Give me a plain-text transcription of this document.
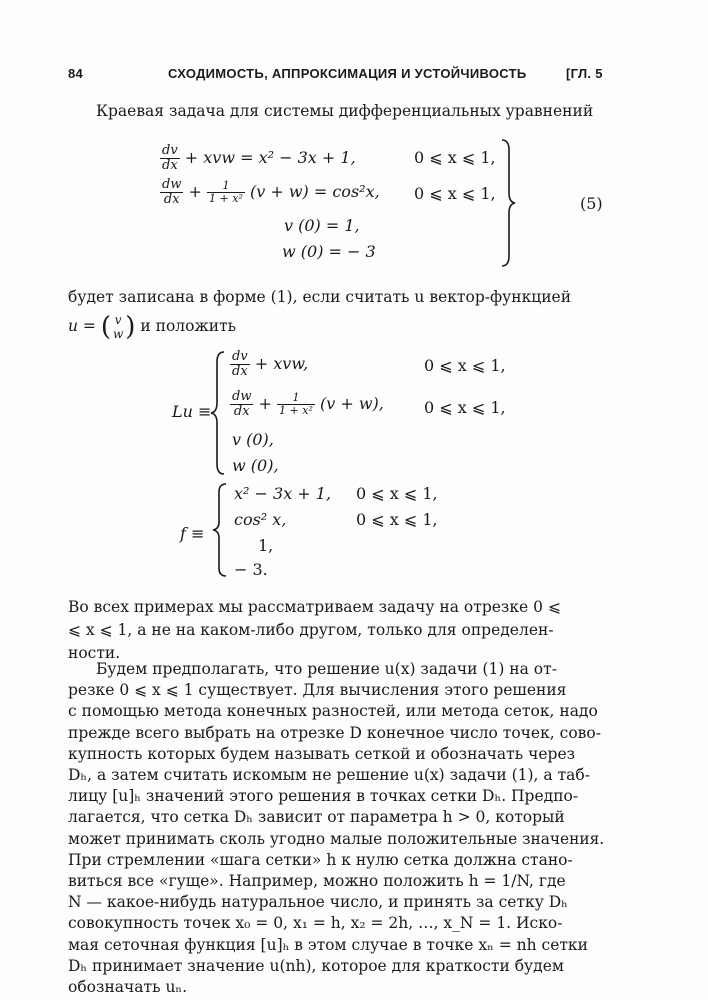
84	СХОДИМОСТЬ, АППРОКСИМАЦИЯ И УСТОЙЧИВОСТЬ	[ГЛ. 5
Краевая задача для системы дифференциальных уравнений
$\frac{dv}{dx}$ + xvw = x² − 3x + 1,	0 ⩽ x ⩽ 1,
$\frac{dw}{dx} + \frac{1}{\text{1 + x²}} (v + w) = \cos^2x$, 0 ⩽ x ⩽ 1,
v (0) = 1,
w (0) = − 3
(5)
будет записана в форме (1), если считать u вектор-функцией
u = ( v
w ) и положить
Lu ≡
$\frac{dv}{dx}$ + xvw,	0 ⩽ x ⩽ 1,
$\frac{dw}{dx} + \frac{1}{\text{1 + x²}} (v + w)$,	0 ⩽ x ⩽ 1,
v (0),
w (0),
f ≡
x² − 3x + 1, 0 ⩽ x ⩽ 1,
cos² x,	0 ⩽ x ⩽ 1,
1,
− 3.
Во всех примерах мы рассматриваем задачу на отрезке 0 ⩽
⩽ x ⩽ 1, а не на каком-либо другом, только для определен-
ности.
Будем предполагать, что решение u(x) задачи (1) на от-
резке 0 ⩽ x ⩽ 1 существует. Для вычисления этого решения
с помощью метода конечных разностей, или метода сеток, надо
прежде всего выбрать на отрезке D конечное число точек, сово-
купность которых будем называть сеткой и обозначать через
Dₕ, а затем считать искомым не решение u(x) задачи (1), а таб-
лицу [u]ₕ значений этого решения в точках сетки Dₕ. Предпо-
лагается, что сетка Dₕ зависит от параметра h > 0, который
может принимать сколь угодно малые положительные значения.
При стремлении «шага сетки» h к нулю сетка должна стано-
виться все «гуще». Например, можно положить h = 1/N, где
N — какое-нибудь натуральное число, и принять за сетку Dₕ
совокупность точек x₀ = 0, x₁ = h, x₂ = 2h, …, x_N = 1. Иско-
мая сеточная функция [u]ₕ в этом случае в точке xₙ = nh сетки
Dₕ принимает значение u(nh), которое для краткости будем
обозначать uₙ.
